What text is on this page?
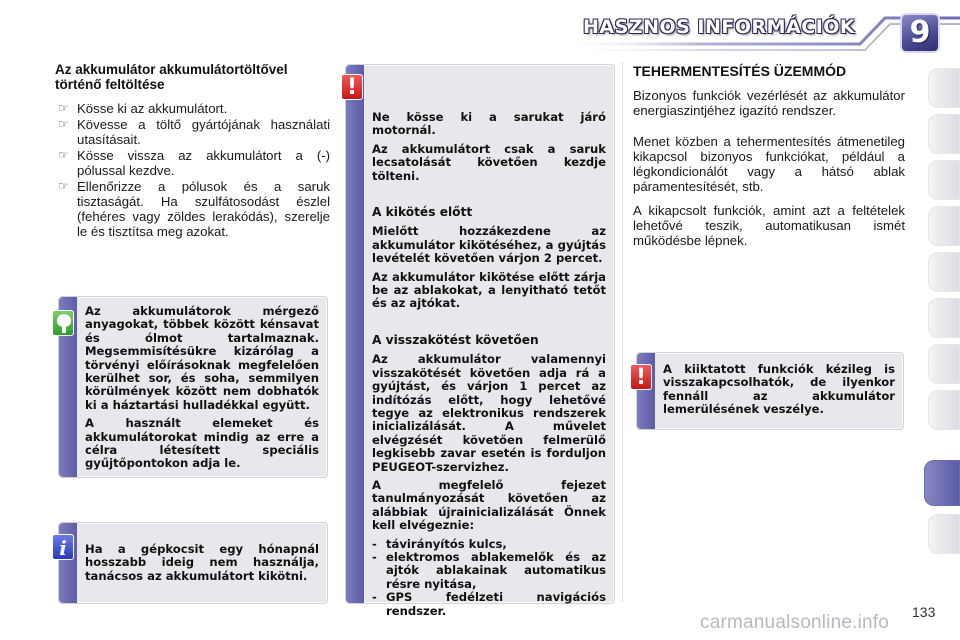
HASZNOS INFORMÁCIÓK	9
Az akkumulátor akkumulátortöltővel történő feltöltése
☞ Kösse ki az akkumulátort.
☞ Kövesse a töltő gyártójának használati utasításait.
☞ Kösse vissza az akkumulátort a (-) pólussal kezdve.
☞ Ellenőrizze a pólusok és a saruk tisztaságát. Ha szulfátosodást észlel (fehéres vagy zöldes lerakódás), szerelje le és tisztítsa meg azokat.

Az akkumulátorok mérgező anyagokat, többek között kénsavat és ólmot tartalmaznak. Megsemmisítésükre kizárólag a törvényi előírásoknak megfelelően kerülhet sor, és soha, semmilyen körülmények között nem dobhatók ki a háztartási hulladékkal együtt.

A használt elemeket és akkumulátorokat mindig az erre a célra létesített speciális gyűjtőpontokon adja le.

Ha a gépkocsit egy hónapnál hosszabb ideig nem használja, tanácsos az akkumulátort kikötni.

i

Ne kösse ki a sarukat járó motornál.

Az akkumulátort csak a saruk lecsatolását követően kezdje tölteni.

A kikötés előtt

Mielőtt hozzákezdene az akkumulátor kikötéséhez, a gyújtás levételét követően várjon 2 percet.

Az akkumulátor kikötése előtt zárja be az ablakokat, a lenyitható tetőt és az ajtókat.

A visszakötést követően

Az akkumulátor valamennyi visszakötését követően adja rá a gyújtást, és várjon 1 percet az indítózás előtt, hogy lehetővé tegye az elektronikus rendszerek inicializálását. A művelet elvégzését követően felmerülő legkisebb zavar esetén is forduljon PEUGEOT-szervizhez.

A megfelelő fejezet tanulmányozását követően az alábbiak újrainicializálását Önnek kell elvégeznie:

- távirányítós kulcs,
- elektromos ablakemelők és az ajtók ablakainak automatikus résre nyitása,
- GPS fedélzeti navigációs rendszer.
!
TEHERMENTESÍTÉS ÜZEMMÓD

Bizonyos funkciók vezérlését az akkumulátor energiaszintjéhez igazító rendszer.

Menet közben a tehermentesítés átmenetileg kikapcsol bizonyos funkciókat, például a légkondicionálót vagy a hátsó ablak páramentesítését, stb.

A kikapcsolt funkciók, amint azt a feltételek lehetővé teszik, automatikusan ismét működésbe lépnek.

A kiiktatott funkciók kézileg is visszakapcsolhatók, de ilyenkor fennáll az akkumulátor lemerülésének veszélye.

!
133
carmanualsonline.info
